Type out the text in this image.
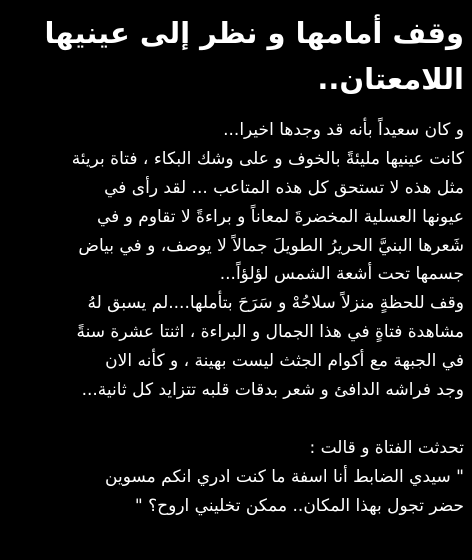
وقف أمامها و نظر إلى عينيها
اللامعتان..
و كان سعيداً بأنه قد وجدها اخيرا...
كانت عينيها مليئةً بالخوف و على وشك البكاء ، فتاة بريئة
مثل هذه لا تستحق كل هذه المتاعب ... لقد رأى في
عيونها العسلية المخضرةَ لمعاناً و براءةً لا تقاوم و في
شَعرها البنيَّ الحريرُ الطويلَ جمالاً لا يوصف، و في بياض
جسمها تحت أشعة الشمس لؤلؤاً...
وقف للحظةٍ منزلاً سلاحُهْ و سَرَحَ بتأملها....لم يسبق لهُ
مشاهدة فتاةٍ في هذا الجمال و البراءة ، اثنتا عشرة سنةً
في الجبهة مع أكوام الجثث ليست بهينة ، و كأنه الان
وجد فراشه الدافئ و شعر بدقات قلبه تتزايد كل ثانية...
تحدثت الفتاة و قالت :
" سيدي الضابط أنا اسفة ما كنت ادري انكم مسوين
حضر تجول بهذا المكان.. ممكن تخليني اروح؟ "
